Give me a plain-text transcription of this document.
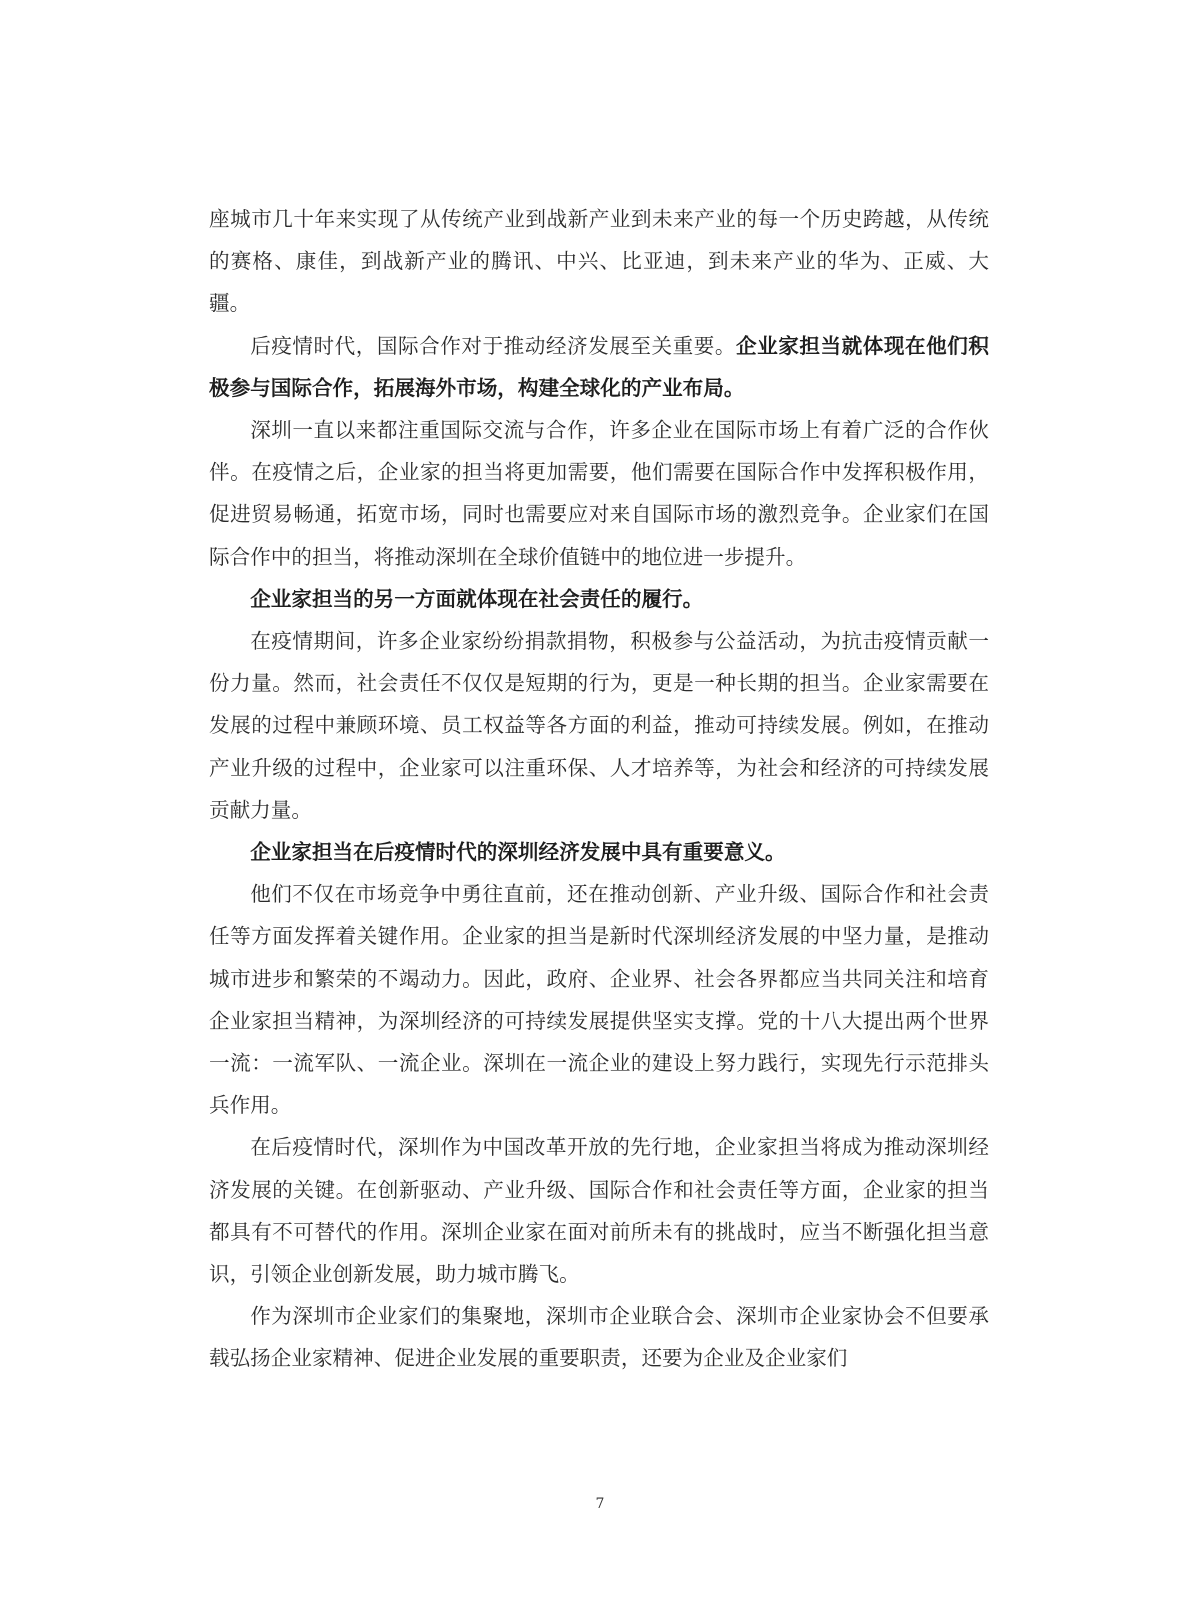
座城市几十年来实现了从传统产业到战新产业到未来产业的每一个历史跨越，从传统的赛格、康佳，到战新产业的腾讯、中兴、比亚迪，到未来产业的华为、正威、大疆。

后疫情时代，国际合作对于推动经济发展至关重要。企业家担当就体现在他们积极参与国际合作，拓展海外市场，构建全球化的产业布局。

深圳一直以来都注重国际交流与合作，许多企业在国际市场上有着广泛的合作伙伴。在疫情之后，企业家的担当将更加需要，他们需要在国际合作中发挥积极作用，促进贸易畅通，拓宽市场，同时也需要应对来自国际市场的激烈竞争。企业家们在国际合作中的担当，将推动深圳在全球价值链中的地位进一步提升。

企业家担当的另一方面就体现在社会责任的履行。

在疫情期间，许多企业家纷纷捐款捐物，积极参与公益活动，为抗击疫情贡献一份力量。然而，社会责任不仅仅是短期的行为，更是一种长期的担当。企业家需要在发展的过程中兼顾环境、员工权益等各方面的利益，推动可持续发展。例如，在推动产业升级的过程中，企业家可以注重环保、人才培养等，为社会和经济的可持续发展贡献力量。

企业家担当在后疫情时代的深圳经济发展中具有重要意义。

他们不仅在市场竞争中勇往直前，还在推动创新、产业升级、国际合作和社会责任等方面发挥着关键作用。企业家的担当是新时代深圳经济发展的中坚力量，是推动城市进步和繁荣的不竭动力。因此，政府、企业界、社会各界都应当共同关注和培育企业家担当精神，为深圳经济的可持续发展提供坚实支撑。党的十八大提出两个世界一流：一流军队、一流企业。深圳在一流企业的建设上努力践行，实现先行示范排头兵作用。

在后疫情时代，深圳作为中国改革开放的先行地，企业家担当将成为推动深圳经济发展的关键。在创新驱动、产业升级、国际合作和社会责任等方面，企业家的担当都具有不可替代的作用。深圳企业家在面对前所未有的挑战时，应当不断强化担当意识，引领企业创新发展，助力城市腾飞。

作为深圳市企业家们的集聚地，深圳市企业联合会、深圳市企业家协会不但要承载弘扬企业家精神、促进企业发展的重要职责，还要为企业及企业家们

7
